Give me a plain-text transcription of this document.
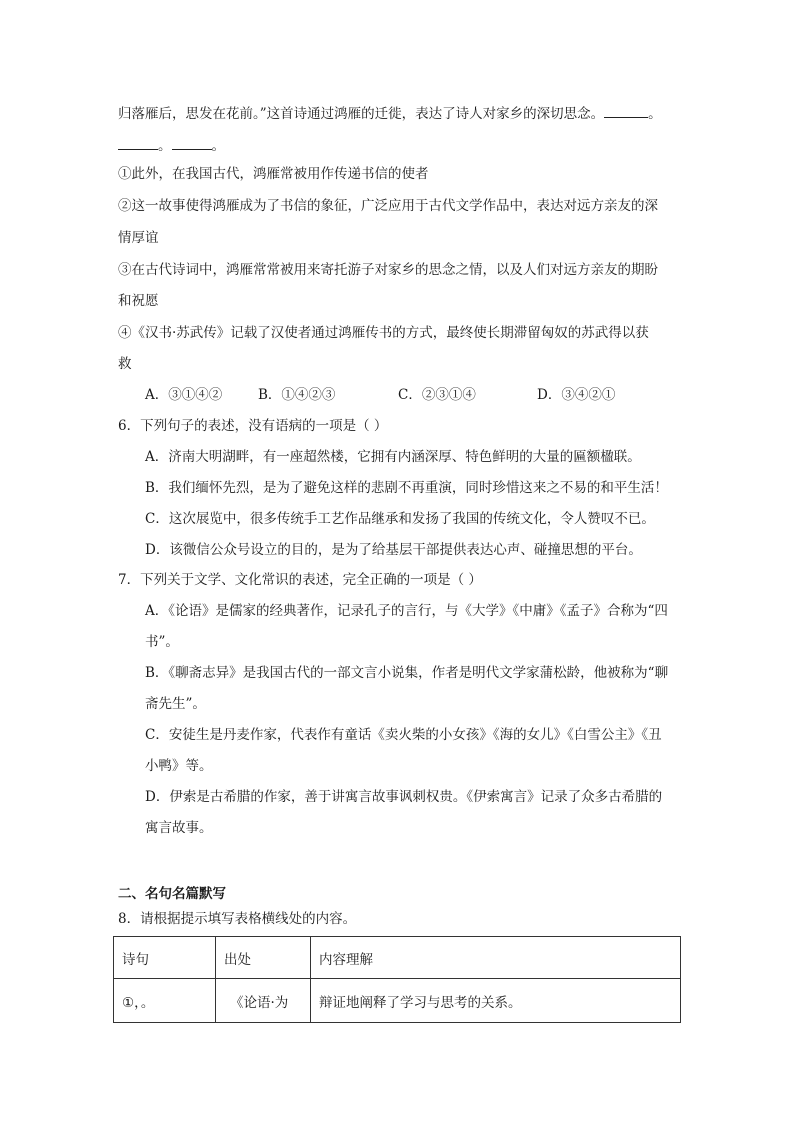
归落雁后，思发在花前。”这首诗通过鸿雁的迁徙，表达了诗人对家乡的深切思念。	。
。	。
①此外，在我国古代，鸿雁常被用作传递书信的使者
②这一故事使得鸿雁成为了书信的象征，广泛应用于古代文学作品中，表达对远方亲友的深
情厚谊
③在古代诗词中，鸿雁常常被用来寄托游子对家乡的思念之情，以及人们对远方亲友的期盼
和祝愿
④《汉书·苏武传》记载了汉使者通过鸿雁传书的方式，最终使长期滞留匈奴的苏武得以获
救
A．③①④②	B．①④②③	C．②③①④	D．③④②①
6．下列句子的表述，没有语病的一项是（ ）
A．济南大明湖畔，有一座超然楼，它拥有内涵深厚、特色鲜明的大量的匾额楹联。
B．我们缅怀先烈，是为了避免这样的悲剧不再重演，同时珍惜这来之不易的和平生活！
C．这次展览中，很多传统手工艺作品继承和发扬了我国的传统文化，令人赞叹不已。
D．该微信公众号设立的目的，是为了给基层干部提供表达心声、碰撞思想的平台。
7．下列关于文学、文化常识的表述，完全正确的一项是（ ）
A．《论语》是儒家的经典著作，记录孔子的言行，与《大学》《中庸》《孟子》合称为“四
书”。
B．《聊斋志异》是我国古代的一部文言小说集，作者是明代文学家蒲松龄，他被称为“聊
斋先生”。
C．安徒生是丹麦作家，代表作有童话《卖火柴的小女孩》《海的女儿》《白雪公主》《丑
小鸭》等。
D．伊索是古希腊的作家，善于讲寓言故事讽刺权贵。《伊索寓言》记录了众多古希腊的
寓言故事。
二、名句名篇默写
8．请根据提示填写表格横线处的内容。
诗句	出处	内容理解
①，。	《论语·为	辩证地阐释了学习与思考的关系。
